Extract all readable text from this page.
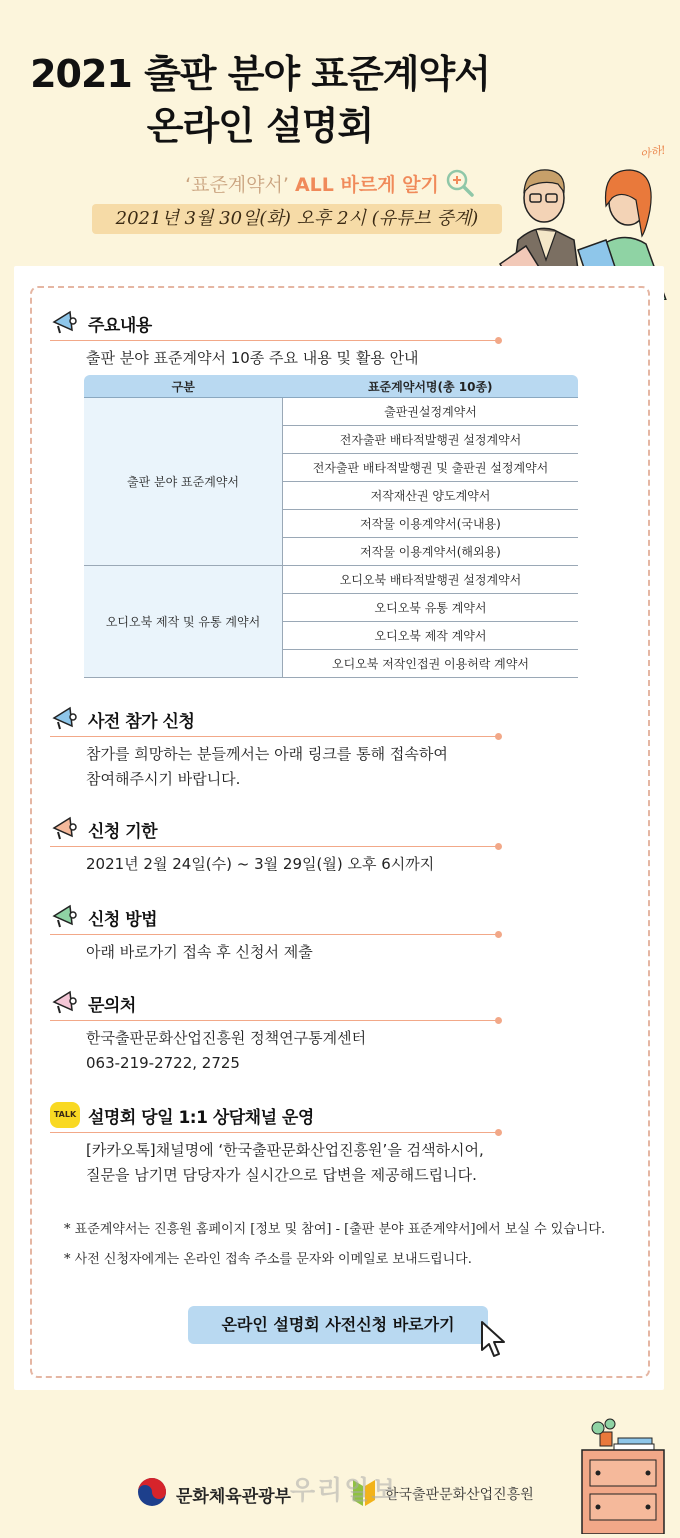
2021 출판 분야 표준계약서
온라인 설명회
‘표준계약서’ ALL 바르게 알기
2021년 3월 30일(화) 오후 2시 (유튜브 중계)
아하!
주요내용
출판 분야 표준계약서 10종 주요 내용 및 활용 안내
구분	표준계약서명(총 10종)
출판 분야 표준계약서	출판권설정계약서
	전자출판 배타적발행권 설정계약서
	전자출판 배타적발행권 및 출판권 설정계약서
	저작재산권 양도계약서
	저작물 이용계약서(국내용)
	저작물 이용계약서(해외용)
오디오북 제작 및 유통 계약서	오디오북 배타적발행권 설정계약서
	오디오북 유통 계약서
	오디오북 제작 계약서
	오디오북 저작인접권 이용허락 계약서
사전 참가 신청
참가를 희망하는 분들께서는 아래 링크를 통해 접속하여
참여해주시기 바랍니다.
신청 기한
2021년 2월 24일(수) ~ 3월 29일(월) 오후 6시까지
신청 방법
아래 바로가기 접속 후 신청서 제출
문의처
한국출판문화산업진흥원 정책연구통계센터
063-219-2722, 2725
TALK 설명회 당일 1:1 상담채널 운영
[카카오톡]채널명에 ‘한국출판문화산업진흥원’을 검색하시어,
질문을 남기면 담당자가 실시간으로 답변을 제공해드립니다.
* 표준계약서는 진흥원 홈페이지 [정보 및 참여] - [출판 분야 표준계약서]에서 보실 수 있습니다.
* 사전 신청자에게는 온라인 접속 주소를 문자와 이메일로 보내드립니다.
온라인 설명회 사전신청 바로가기
문화체육관광부	한국출판문화산업진흥원
우리일보
